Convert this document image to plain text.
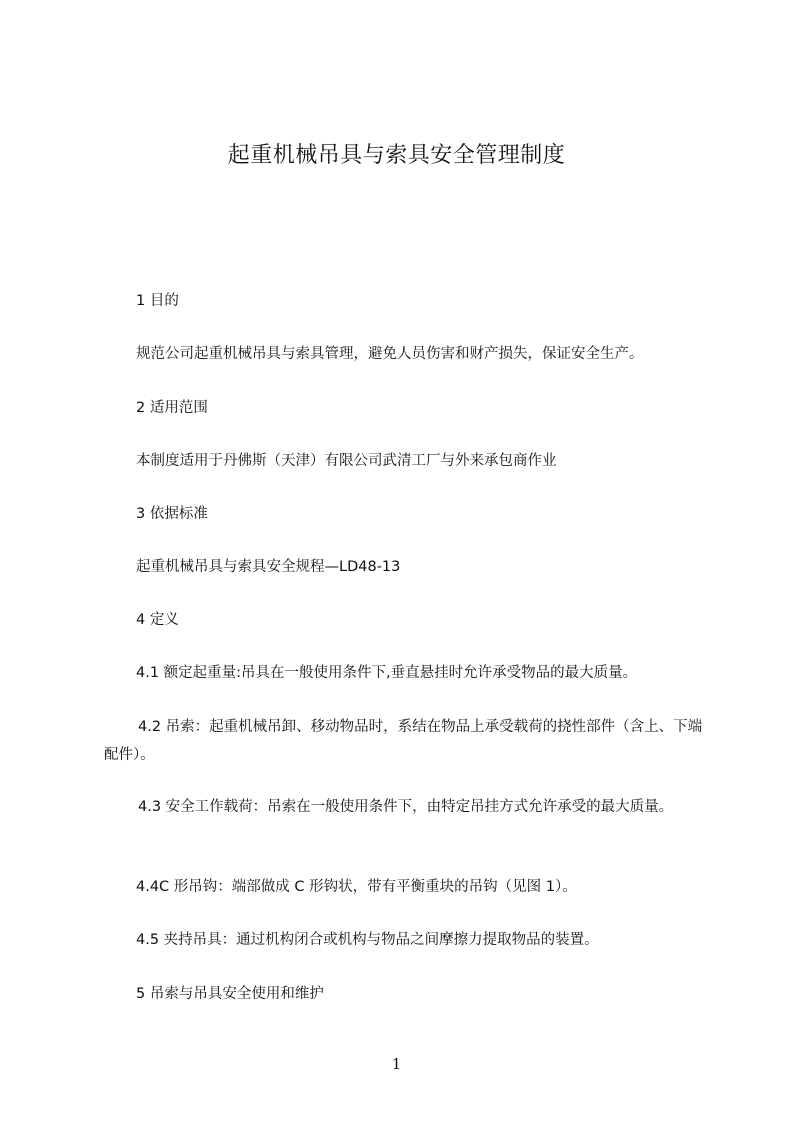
起重机械吊具与索具安全管理制度
1 目的
规范公司起重机械吊具与索具管理，避免人员伤害和财产损失，保证安全生产。
2 适用范围
本制度适用于丹佛斯（天津）有限公司武清工厂与外来承包商作业
3 依据标准
起重机械吊具与索具安全规程—LD48-13
4 定义
4.1 额定起重量:吊具在一般使用条件下,垂直悬挂时允许承受物品的最大质量。
4.2 吊索：起重机械吊卸、移动物品时，系结在物品上承受载荷的挠性部件（含上、下端配件）。
4.3 安全工作载荷：吊索在一般使用条件下，由特定吊挂方式允许承受的最大质量。
4.4C 形吊钩：端部做成 C 形钩状，带有平衡重块的吊钩（见图 1）。
4.5 夹持吊具：通过机构闭合或机构与物品之间摩擦力提取物品的装置。
5 吊索与吊具安全使用和维护
1
